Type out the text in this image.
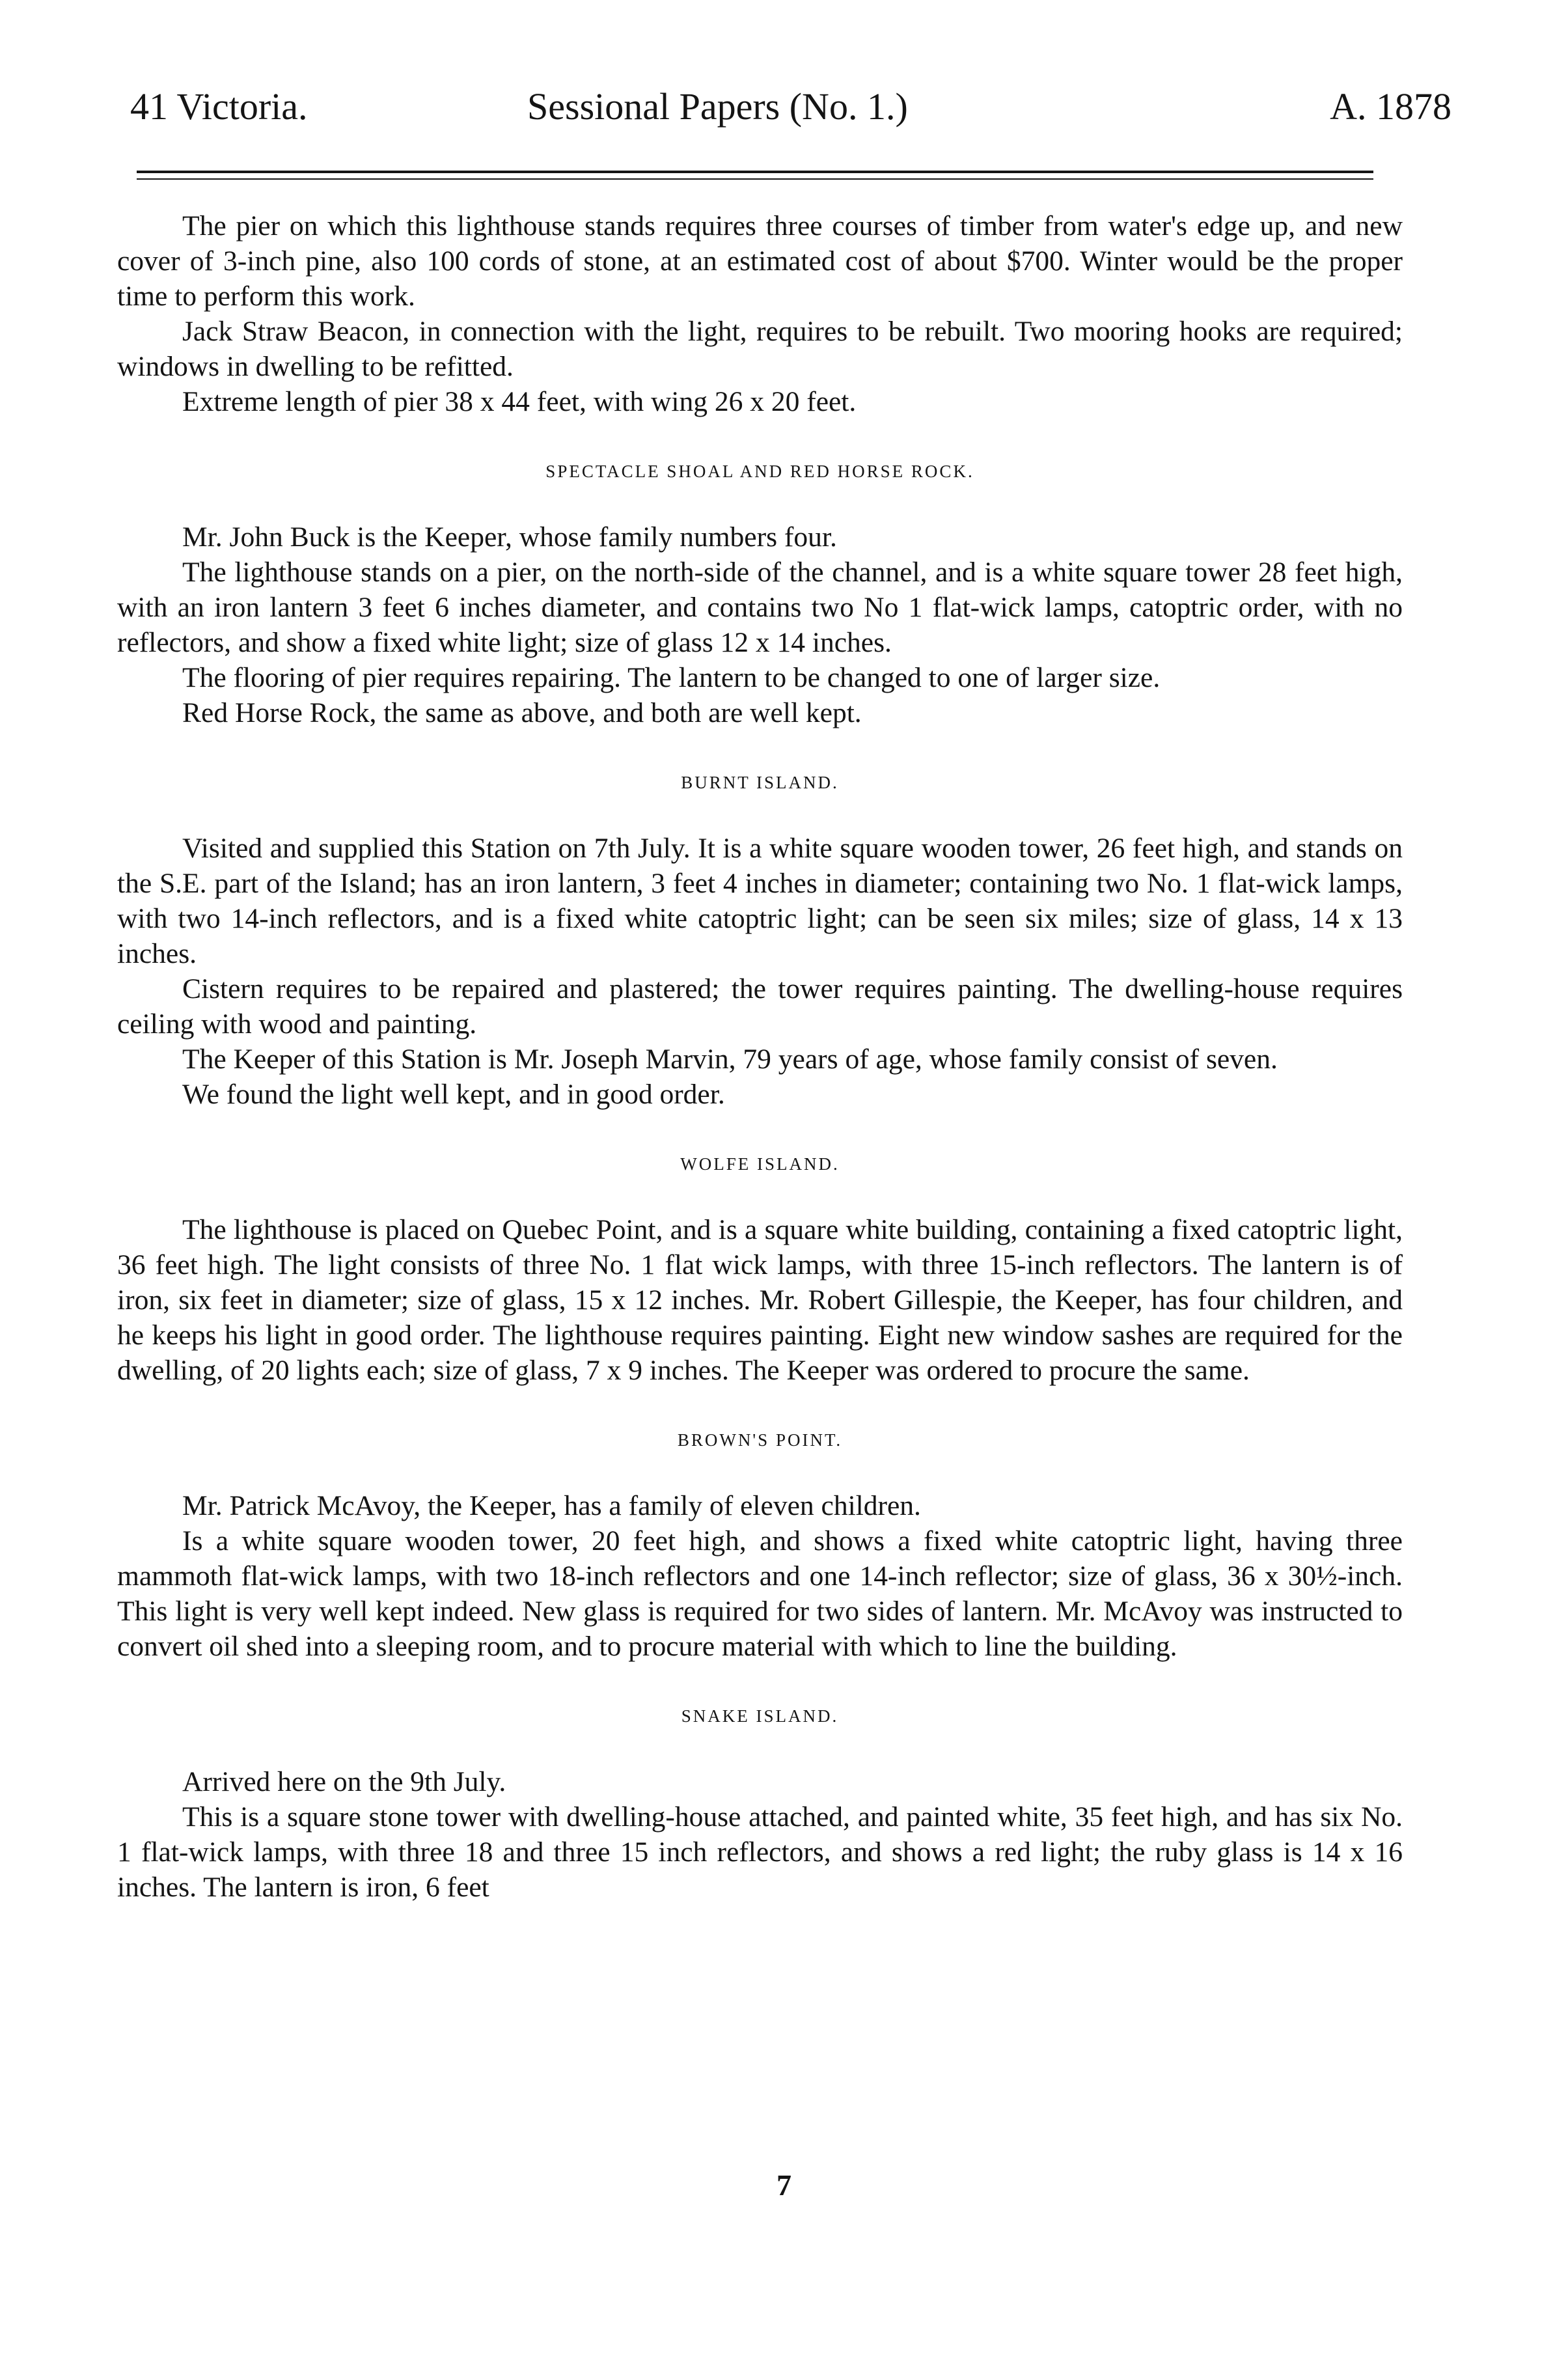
41 Victoria.	Sessional Papers (No. 1.)	A. 1878

The pier on which this lighthouse stands requires three courses of timber from water's edge up, and new cover of 3-inch pine, also 100 cords of stone, at an estimated cost of about $700. Winter would be the proper time to perform this work.

Jack Straw Beacon, in connection with the light, requires to be rebuilt. Two mooring hooks are required; windows in dwelling to be refitted.

Extreme length of pier 38 x 44 feet, with wing 26 x 20 feet.

SPECTACLE SHOAL AND RED HORSE ROCK.

Mr. John Buck is the Keeper, whose family numbers four.

The lighthouse stands on a pier, on the north-side of the channel, and is a white square tower 28 feet high, with an iron lantern 3 feet 6 inches diameter, and contains two No 1 flat-wick lamps, catoptric order, with no reflectors, and show a fixed white light; size of glass 12 x 14 inches.

The flooring of pier requires repairing. The lantern to be changed to one of larger size.

Red Horse Rock, the same as above, and both are well kept.

BURNT ISLAND.

Visited and supplied this Station on 7th July. It is a white square wooden tower, 26 feet high, and stands on the S.E. part of the Island; has an iron lantern, 3 feet 4 inches in diameter; containing two No. 1 flat-wick lamps, with two 14-inch reflectors, and is a fixed white catoptric light; can be seen six miles; size of glass, 14 x 13 inches.

Cistern requires to be repaired and plastered; the tower requires painting. The dwelling-house requires ceiling with wood and painting.

The Keeper of this Station is Mr. Joseph Marvin, 79 years of age, whose family consist of seven.

We found the light well kept, and in good order.

WOLFE ISLAND.

The lighthouse is placed on Quebec Point, and is a square white building, containing a fixed catoptric light, 36 feet high. The light consists of three No. 1 flat wick lamps, with three 15-inch reflectors. The lantern is of iron, six feet in diameter; size of glass, 15 x 12 inches. Mr. Robert Gillespie, the Keeper, has four children, and he keeps his light in good order. The lighthouse requires painting. Eight new window sashes are required for the dwelling, of 20 lights each; size of glass, 7 x 9 inches. The Keeper was ordered to procure the same.

BROWN'S POINT.

Mr. Patrick McAvoy, the Keeper, has a family of eleven children.

Is a white square wooden tower, 20 feet high, and shows a fixed white catoptric light, having three mammoth flat-wick lamps, with two 18-inch reflectors and one 14-inch reflector; size of glass, 36 x 30½-inch. This light is very well kept indeed. New glass is required for two sides of lantern. Mr. McAvoy was instructed to convert oil shed into a sleeping room, and to procure material with which to line the building.

SNAKE ISLAND.

Arrived here on the 9th July.

This is a square stone tower with dwelling-house attached, and painted white, 35 feet high, and has six No. 1 flat-wick lamps, with three 18 and three 15 inch reflectors, and shows a red light; the ruby glass is 14 x 16 inches. The lantern is iron, 6 feet

7
